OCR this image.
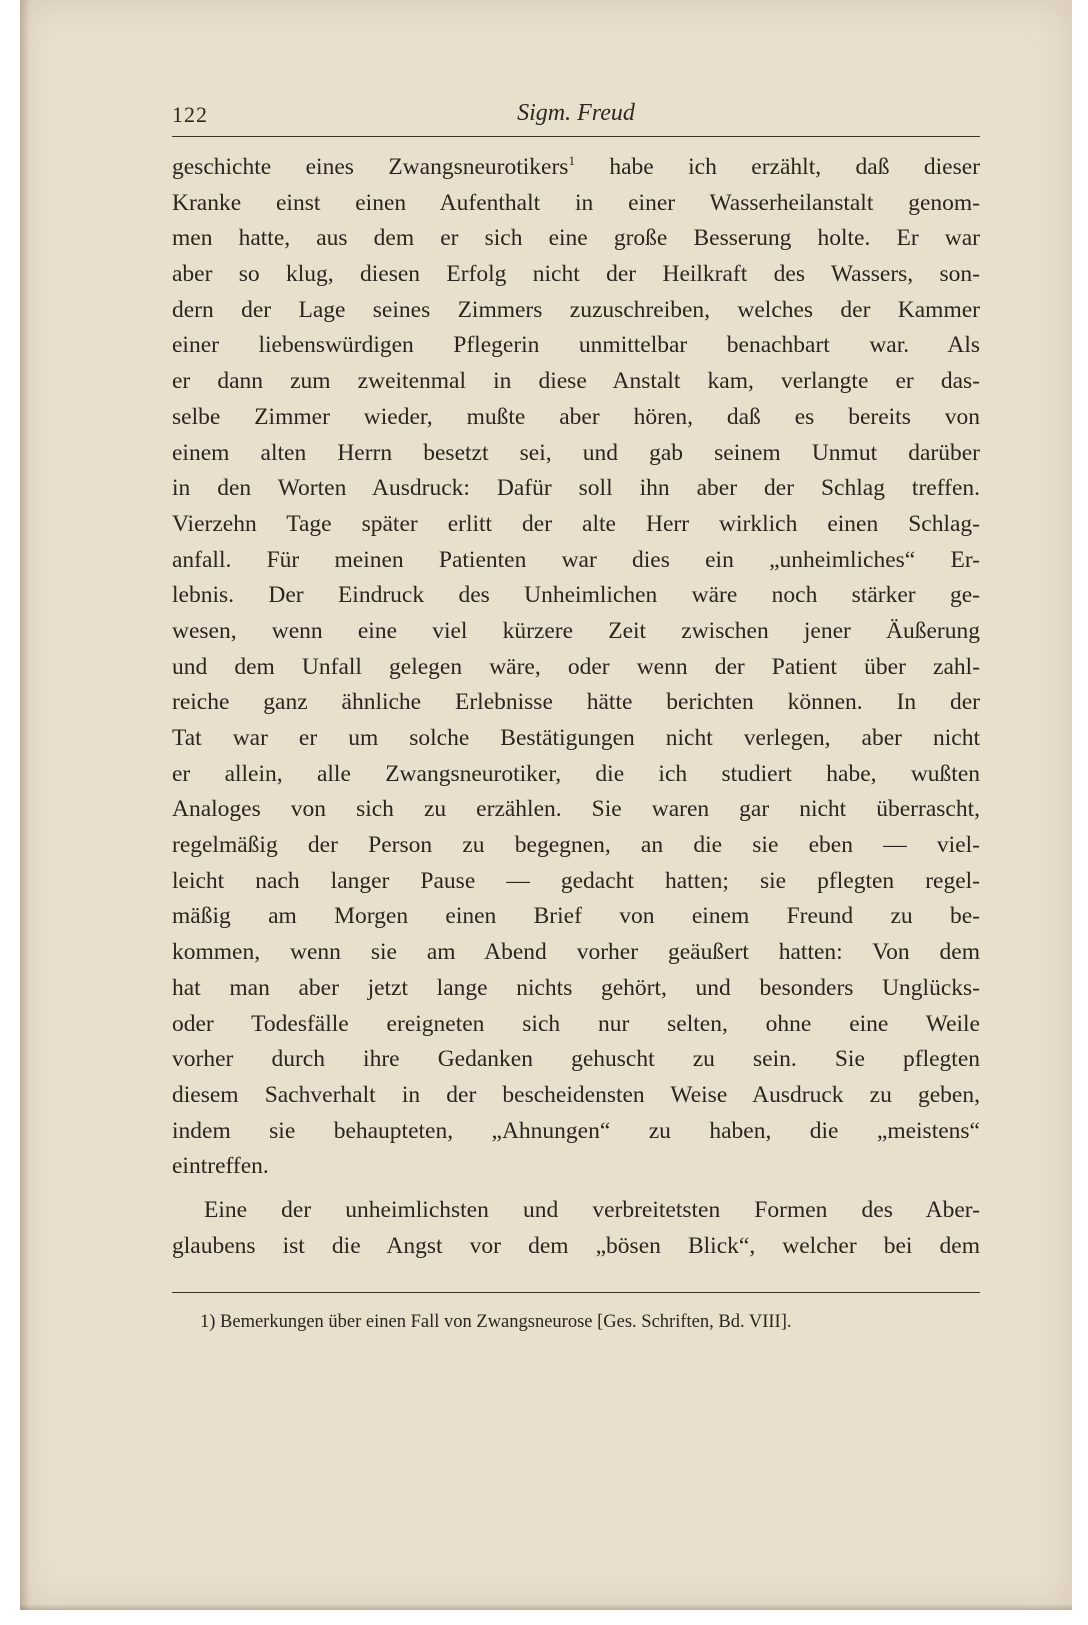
122	Sigm. Freud
geschichte eines Zwangsneurotikers$^1$ habe ich erzählt, daß dieser
Kranke einst einen Aufenthalt in einer Wasserheilanstalt genom-
men hatte, aus dem er sich eine große Besserung holte. Er war
aber so klug, diesen Erfolg nicht der Heilkraft des Wassers, son-
dern der Lage seines Zimmers zuzuschreiben, welches der Kammer
einer liebenswürdigen Pflegerin unmittelbar benachbart war. Als
er dann zum zweitenmal in diese Anstalt kam, verlangte er das-
selbe Zimmer wieder, mußte aber hören, daß es bereits von
einem alten Herrn besetzt sei, und gab seinem Unmut darüber
in den Worten Ausdruck: Dafür soll ihn aber der Schlag treffen.
Vierzehn Tage später erlitt der alte Herr wirklich einen Schlag-
anfall. Für meinen Patienten war dies ein „unheimliches“ Er-
lebnis. Der Eindruck des Unheimlichen wäre noch stärker ge-
wesen, wenn eine viel kürzere Zeit zwischen jener Äußerung
und dem Unfall gelegen wäre, oder wenn der Patient über zahl-
reiche ganz ähnliche Erlebnisse hätte berichten können. In der
Tat war er um solche Bestätigungen nicht verlegen, aber nicht
er allein, alle Zwangsneurotiker, die ich studiert habe, wußten
Analoges von sich zu erzählen. Sie waren gar nicht überrascht,
regelmäßig der Person zu begegnen, an die sie eben — viel-
leicht nach langer Pause — gedacht hatten; sie pflegten regel-
mäßig am Morgen einen Brief von einem Freund zu be-
kommen, wenn sie am Abend vorher geäußert hatten: Von dem
hat man aber jetzt lange nichts gehört, und besonders Unglücks-
oder Todesfälle ereigneten sich nur selten, ohne eine Weile
vorher durch ihre Gedanken gehuscht zu sein. Sie pflegten
diesem Sachverhalt in der bescheidensten Weise Ausdruck zu geben,
indem sie behaupteten, „Ahnungen“ zu haben, die „meistens“
eintreffen.
Eine der unheimlichsten und verbreitetsten Formen des Aber-
glaubens ist die Angst vor dem „bösen Blick“, welcher bei dem
1) Bemerkungen über einen Fall von Zwangsneurose [Ges. Schriften, Bd. VIII].
